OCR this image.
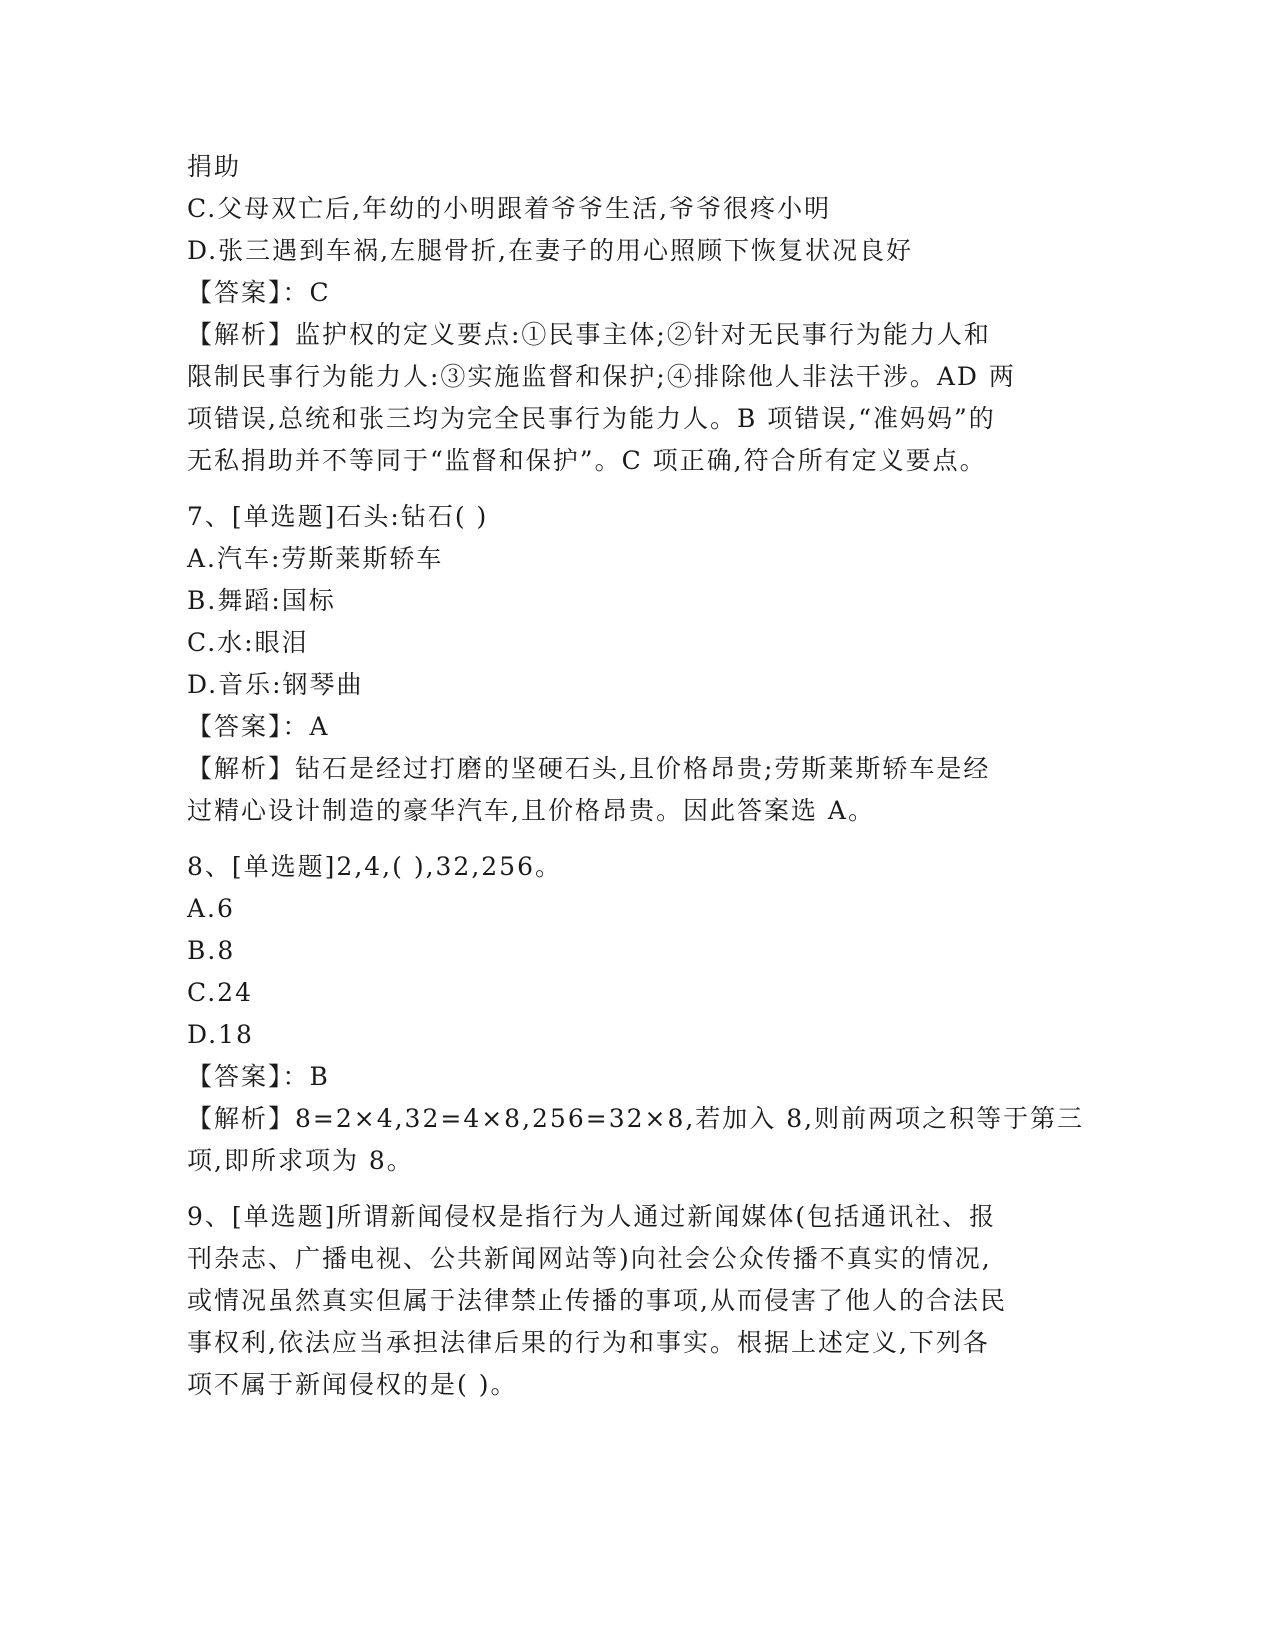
捐助
C.父母双亡后,年幼的小明跟着爷爷生活,爷爷很疼小明
D.张三遇到车祸,左腿骨折,在妻子的用心照顾下恢复状况良好
【答案】：C
【解析】监护权的定义要点:①民事主体;②针对无民事行为能力人和
限制民事行为能力人:③实施监督和保护;④排除他人非法干涉。AD 两
项错误,总统和张三均为完全民事行为能力人。B 项错误,“准妈妈”的
无私捐助并不等同于“监督和保护”。C 项正确,符合所有定义要点。
7、[单选题]石头:钻石( )
A.汽车:劳斯莱斯轿车
B.舞蹈:国标
C.水:眼泪
D.音乐:钢琴曲
【答案】：A
【解析】钻石是经过打磨的坚硬石头,且价格昂贵;劳斯莱斯轿车是经
过精心设计制造的豪华汽车,且价格昂贵。因此答案选 A。
8、[单选题]2,4,( ),32,256。
A.6
B.8
C.24
D.18
【答案】：B
【解析】8=2×4,32=4×8,256=32×8,若加入 8,则前两项之积等于第三
项,即所求项为 8。
9、[单选题]所谓新闻侵权是指行为人通过新闻媒体(包括通讯社、报
刊杂志、广播电视、公共新闻网站等)向社会公众传播不真实的情况,
或情况虽然真实但属于法律禁止传播的事项,从而侵害了他人的合法民
事权利,依法应当承担法律后果的行为和事实。根据上述定义,下列各
项不属于新闻侵权的是( )。
